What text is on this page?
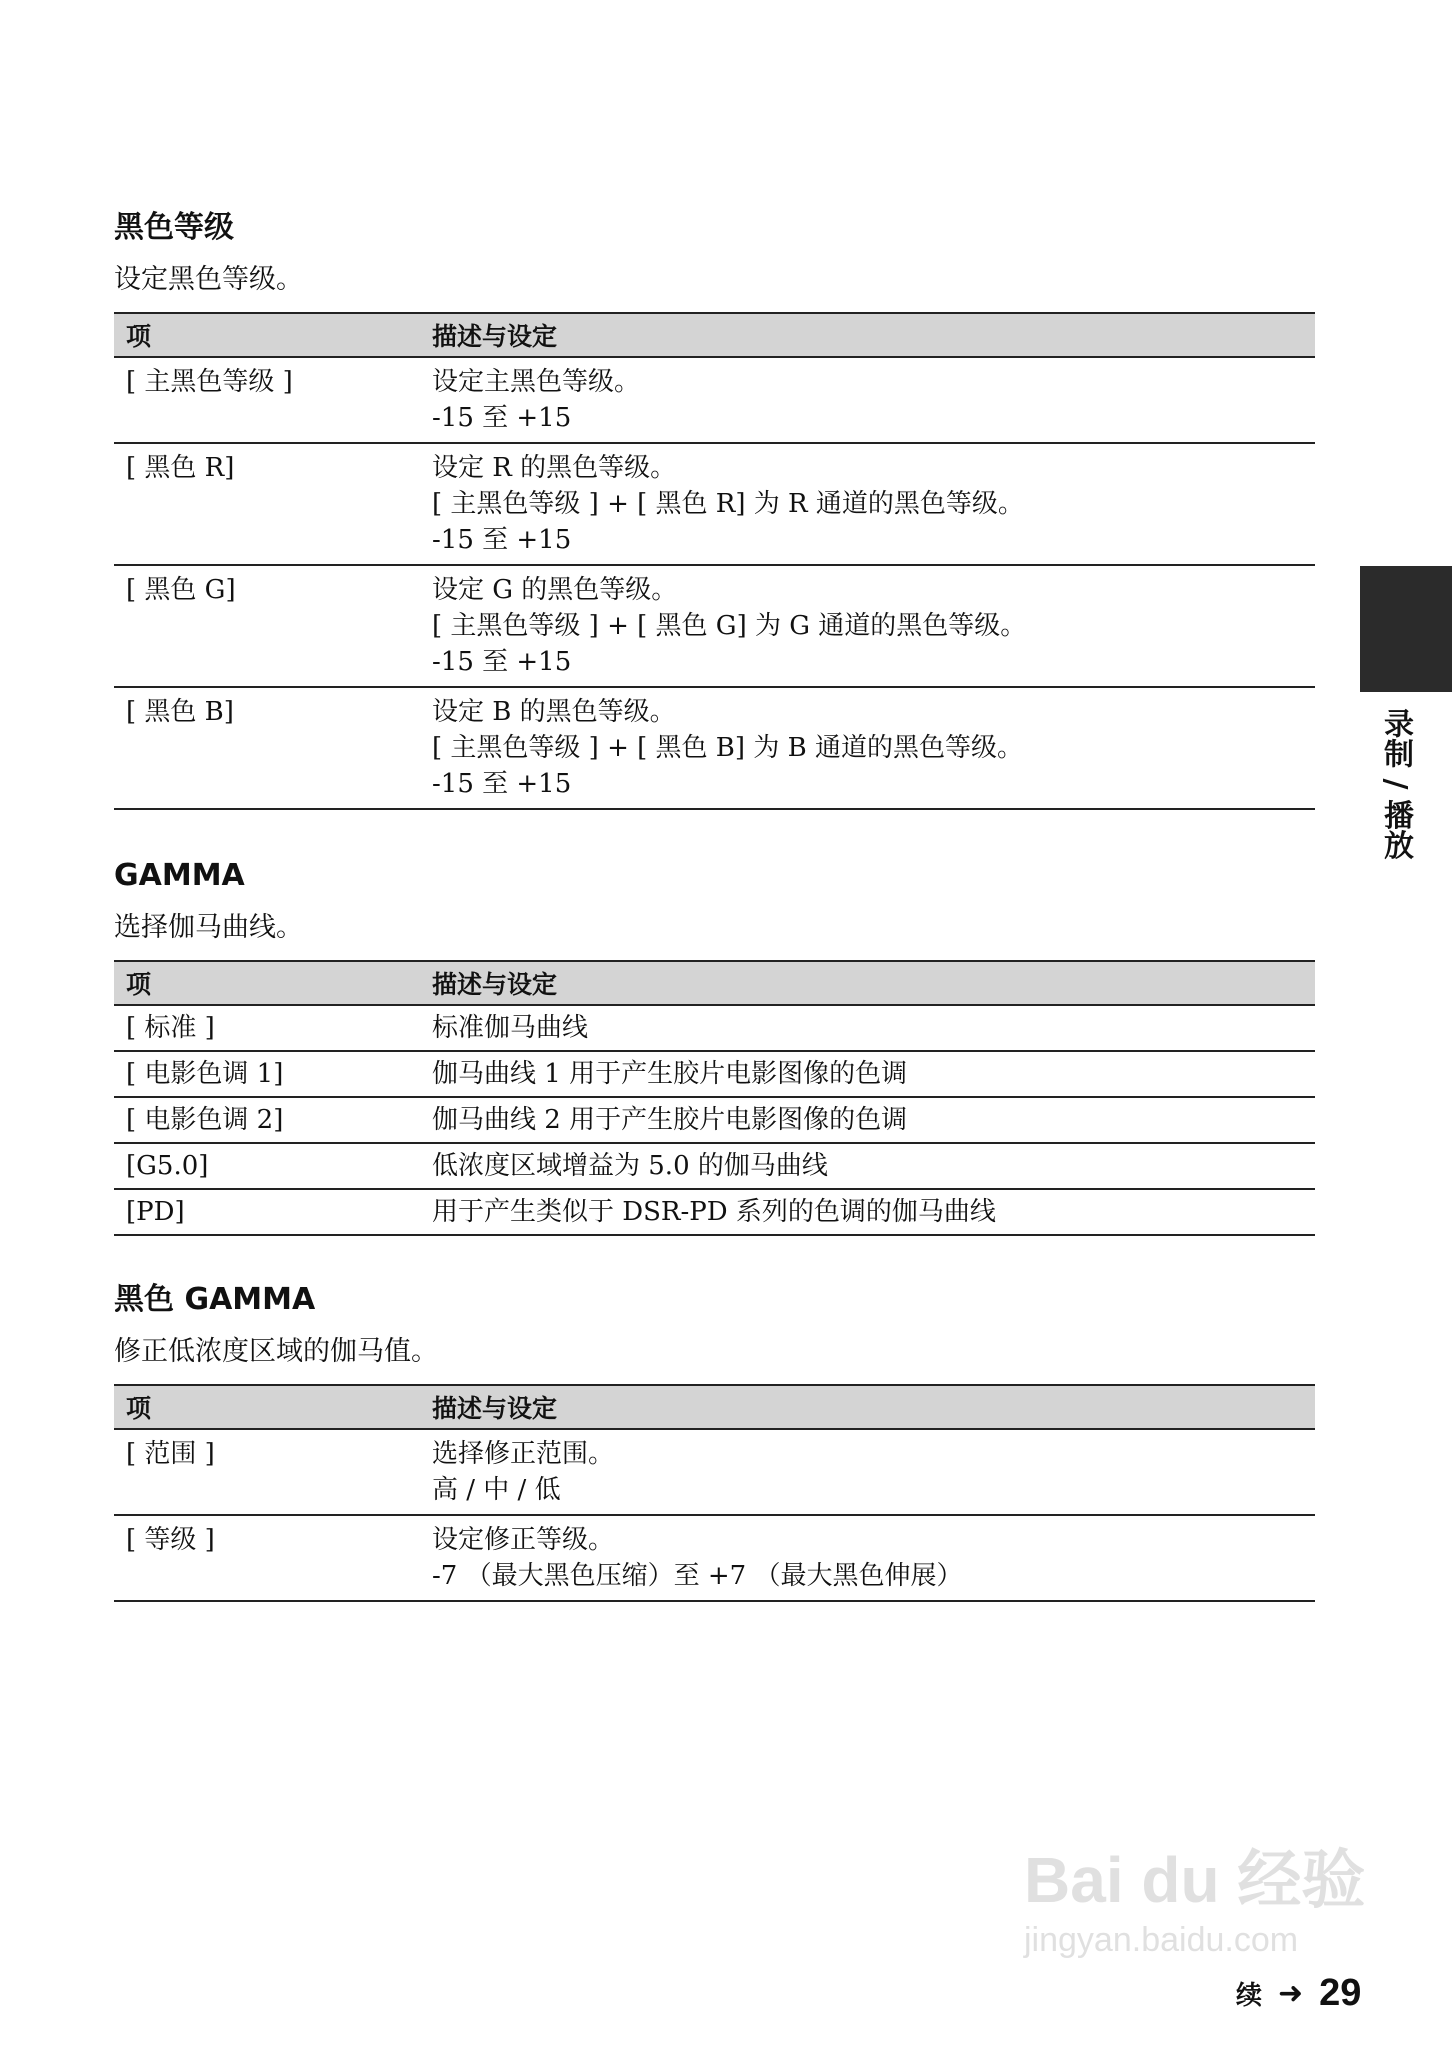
黑色等级

设定黑色等级。

项	描述与设定
[ 主黑色等级 ]	设定主黑色等级。
-15 至 +15

[ 黑色 R]	设定 R 的黑色等级。
[ 主黑色等级 ] + [ 黑色 R] 为 R 通道的黑色等级。
-15 至 +15

[ 黑色 G]	设定 G 的黑色等级。
[ 主黑色等级 ] + [ 黑色 G] 为 G 通道的黑色等级。
-15 至 +15

[ 黑色 B]	设定 B 的黑色等级。
[ 主黑色等级 ] + [ 黑色 B] 为 B 通道的黑色等级。
-15 至 +15
GAMMA

选择伽马曲线。

项	描述与设定
[ 标准 ]	标准伽马曲线

[ 电影色调 1]	伽马曲线 1 用于产生胶片电影图像的色调

[ 电影色调 2]	伽马曲线 2 用于产生胶片电影图像的色调

[G5.0]	低浓度区域增益为 5.0 的伽马曲线

[PD]	用于产生类似于 DSR-PD 系列的色调的伽马曲线
黑色 GAMMA

修正低浓度区域的伽马值。

项	描述与设定
[ 范围 ]	选择修正范围。
高 / 中 / 低

[ 等级 ]	设定修正等级。
-7 （最大黑色压缩）至 +7 （最大黑色伸展）
录制 / 播放
Bai du 经验
jingyan.baidu.com
续 ➜ 29
